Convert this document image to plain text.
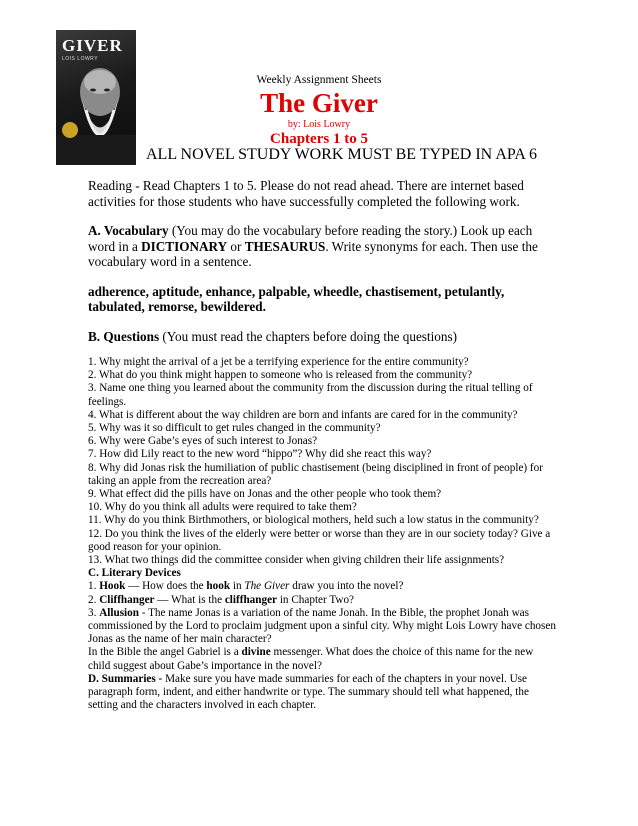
GIVER
LOIS LOWRY
Weekly Assignment Sheets
The Giver
by: Lois Lowry
Chapters 1 to 5
ALL NOVEL STUDY WORK MUST BE TYPED IN APA 6

Reading - Read Chapters 1 to 5. Please do not read ahead. There are internet based activities for those students who have successfully completed the following work.

A. Vocabulary (You may do the vocabulary before reading the story.) Look up each word in a DICTIONARY or THESAURUS. Write synonyms for each. Then use the vocabulary word in a sentence.

adherence, aptitude, enhance, palpable, wheedle, chastisement, petulantly, tabulated, remorse, bewildered.

B. Questions (You must read the chapters before doing the questions)

1. Why might the arrival of a jet be a terrifying experience for the entire community?

2. What do you think might happen to someone who is released from the community?

3. Name one thing you learned about the community from the discussion during the ritual telling of feelings.

4. What is different about the way children are born and infants are cared for in the community?

5. Why was it so difficult to get rules changed in the community?

6. Why were Gabe’s eyes of such interest to Jonas?

7. How did Lily react to the new word “hippo”? Why did she react this way?

8. Why did Jonas risk the humiliation of public chastisement (being disciplined in front of people) for taking an apple from the recreation area?

9. What effect did the pills have on Jonas and the other people who took them?

10. Why do you think all adults were required to take them?

11. Why do you think Birthmothers, or biological mothers, held such a low status in the community?

12. Do you think the lives of the elderly were better or worse than they are in our society today? Give a good reason for your opinion.

13. What two things did the committee consider when giving children their life assignments?

C. Literary Devices

1. Hook — How does the hook in The Giver draw you into the novel?

2. Cliffhanger — What is the cliffhanger in Chapter Two?

3. Allusion - The name Jonas is a variation of the name Jonah. In the Bible, the prophet Jonah was commissioned by the Lord to proclaim judgment upon a sinful city. Why might Lois Lowry have chosen Jonas as the name of her main character?

In the Bible the angel Gabriel is a divine messenger. What does the choice of this name for the new child suggest about Gabe’s importance in the novel?

D. Summaries - Make sure you have made summaries for each of the chapters in your novel. Use paragraph form, indent, and either handwrite or type. The summary should tell what happened, the setting and the characters involved in each chapter.
